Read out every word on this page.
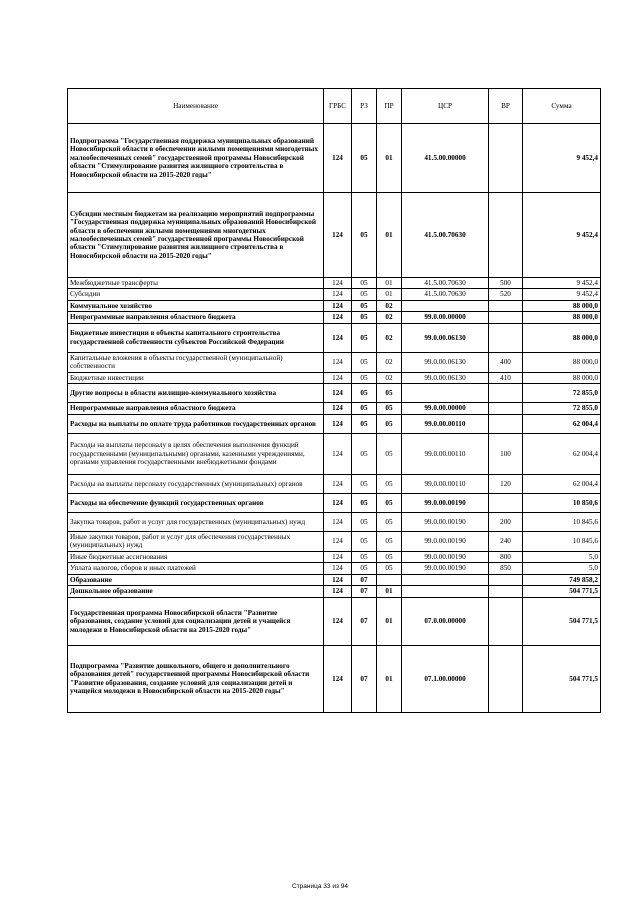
Наименование	ГРБС	РЗ	ПР	ЦСР	ВР	Сумма
Подпрограмма "Государственная поддержка муниципальных образований Новосибирской области в обеспечении жилыми помещениями многодетных малообеспеченных семей" государственной программы Новосибирской области "Стимулирование развития жилищного строительства в Новосибирской области на 2015-2020 годы"	124	05	01	41.5.00.00000		9 452,4
Субсидии местным бюджетам на реализацию мероприятий подпрограммы "Государственная поддержка муниципальных образований Новосибирской области в обеспечении жилыми помещениями многодетных малообеспеченных семей" государственной программы Новосибирской области "Стимулирование развития жилищного строительства в Новосибирской области на 2015-2020 годы"	124	05	01	41.5.00.70630		9 452,4
Межбюджетные трансферты	124	05	01	41.5.00.70630	500	9 452,4
Субсидии	124	05	01	41.5.00.70630	520	9 452,4
Коммунальное хозяйство	124	05	02			88 000,0
Непрограммные направления областного бюджета	124	05	02	99.0.00.00000		88 000,0
Бюджетные инвестиции в объекты капитального строительства государственной собственности субъектов Российской Федерации	124	05	02	99.0.00.06130		88 000,0
Капитальные вложения в объекты государственной (муниципальной) собственности	124	05	02	99.0.00.06130	400	88 000,0
Бюджетные инвестиции	124	05	02	99.0.00.06130	410	88 000,0
Другие вопросы в области жилищно-коммунального хозяйства	124	05	05			72 855,0
Непрограммные направления областного бюджета	124	05	05	99.0.00.00000		72 855,0
Расходы на выплаты по оплате труда работников государственных органов	124	05	05	99.0.00.00110		62 004,4
Расходы на выплаты персоналу в целях обеспечения выполнения функций государственными (муниципальными) органами, казенными учреждениями, органами управления государственными внебюджетными фондами	124	05	05	99.0.00.00110	100	62 004,4
Расходы на выплаты персоналу государственных (муниципальных) органов	124	05	05	99.0.00.00110	120	62 004,4
Расходы на обеспечение функций государственных органов	124	05	05	99.0.00.00190		10 850,6
Закупка товаров, работ и услуг для государственных (муниципальных) нужд	124	05	05	99.0.00.00190	200	10 845,6
Иные закупки товаров, работ и услуг для обеспечения государственных (муниципальных) нужд	124	05	05	99.0.00.00190	240	10 845,6
Иные бюджетные ассигнования	124	05	05	99.0.00.00190	800	5,0
Уплата налогов, сборов и иных платежей	124	05	05	99.0.00.00190	850	5,0
Образование	124	07				749 858,2
Дошкольное образование	124	07	01			504 771,5
Государственная программа Новосибирской области "Развитие образования, создание условий для социализации детей и учащейся молодежи в Новосибирской области на 2015-2020 годы"	124	07	01	07.0.00.00000		504 771,5
Подпрограмма "Развитие дошкольного, общего и дополнительного образования детей" государственной программы Новосибирской области "Развитие образования, создание условий для социализации детей и учащейся молодежи в Новосибирской области на 2015-2020 годы"	124	07	01	07.1.00.00000		504 771,5
Страница 33 из 94
